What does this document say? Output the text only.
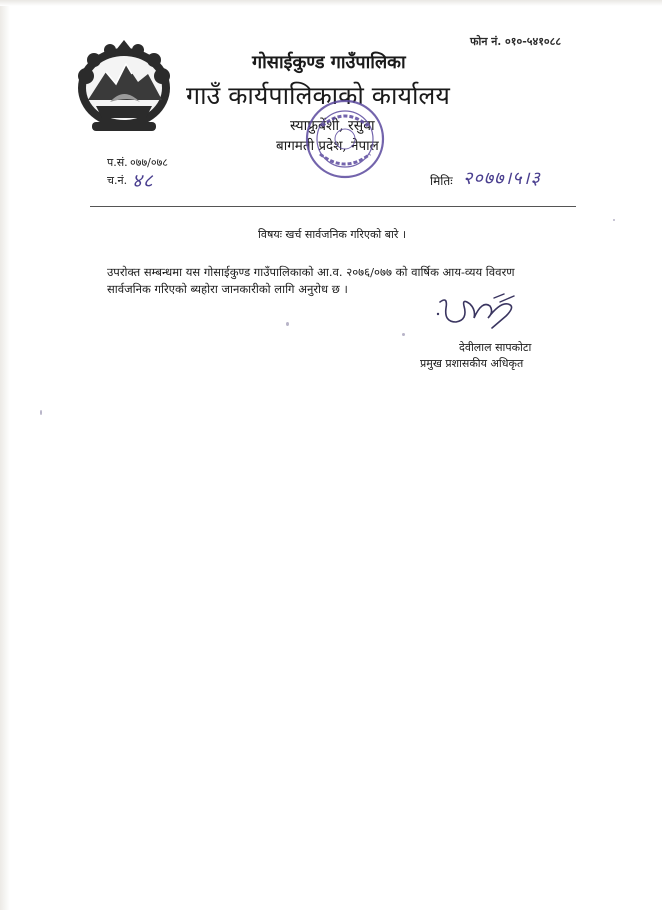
फोन नं. ०१०-५४१०८८
गोसाईकुण्ड गाउँपालिका
गाउँ कार्यपालिकाको कार्यालय
स्याफ्रुबेंशी, रसुवा
बागमती प्रदेश, नेपाल
प.सं. ०७७/०७८
च.नं. ४८	मितिः २०७७।५।३
विषयः खर्च सार्वजनिक गरिएको बारे ।
उपरोक्त सम्बन्धमा यस गोसाईकुण्ड गाउँपालिकाको आ.व. २०७६/०७७ को वार्षिक आय-व्यय विवरण
सार्वजनिक गरिएको ब्यहोरा जानकारीको लागि अनुरोध छ ।
देवीलाल सापकोटा
प्रमुख प्रशासकीय अधिकृत
